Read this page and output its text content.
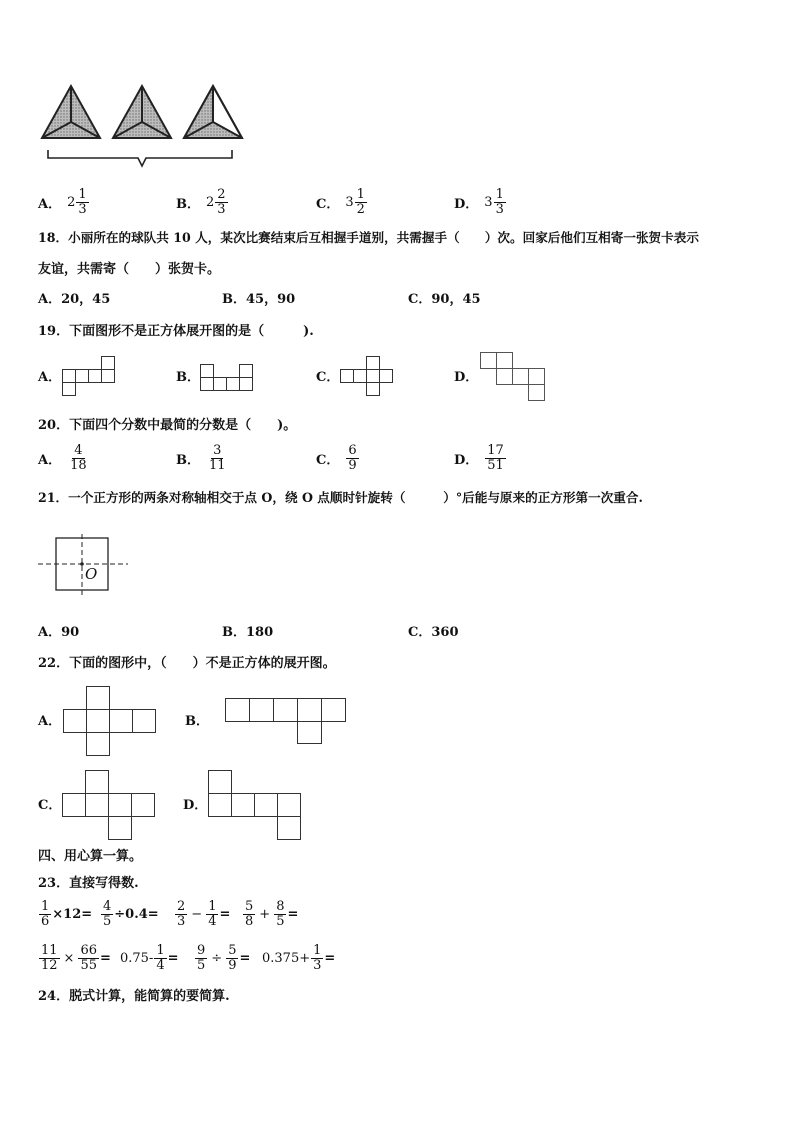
A． $2 \frac{1}{3}$	B． $2 \frac{2}{3}$	C． $3 \frac{1}{2}$	D． $3 \frac{1}{3}$
18．小丽所在的球队共 10 人，某次比赛结束后互相握手道别，共需握手（　　）次。回家后他们互相寄一张贺卡表示
友谊，共需寄（　　）张贺卡。
A．20，45	B．45，90	C．90，45
19．下面图形不是正方体展开图的是（　　　).
A．	B．	C．	D．
20．下面四个分数中最简的分数是（　　)。
A． $\frac{4}{18}$	B． $\frac{3}{11}$	C． $\frac{6}{9}$	D． $\frac{17}{51}$
21．一个正方形的两条对称轴相交于点 O，绕 O 点顺时针旋转（　　　）°后能与原来的正方形第一次重合.
O
A．90	B．180	C．360
22．下面的图形中，（　　）不是正方体的展开图。
A．	B．
C．	D．
四、用心算一算。
23．直接写得数.
$\frac{1}{6} \times 12= \frac{4}{5} \div 0.4= \frac{2}{3} - \frac{1}{4} = \frac{5}{8} + \frac{8}{5}$ =
$\frac{11}{12} \times \frac{66}{55} = 0.75- \frac{1}{4} = \frac{9}{5} \div \frac{5}{9} = 0.375+ \frac{1}{3}$ =
24．脱式计算，能简算的要简算.
